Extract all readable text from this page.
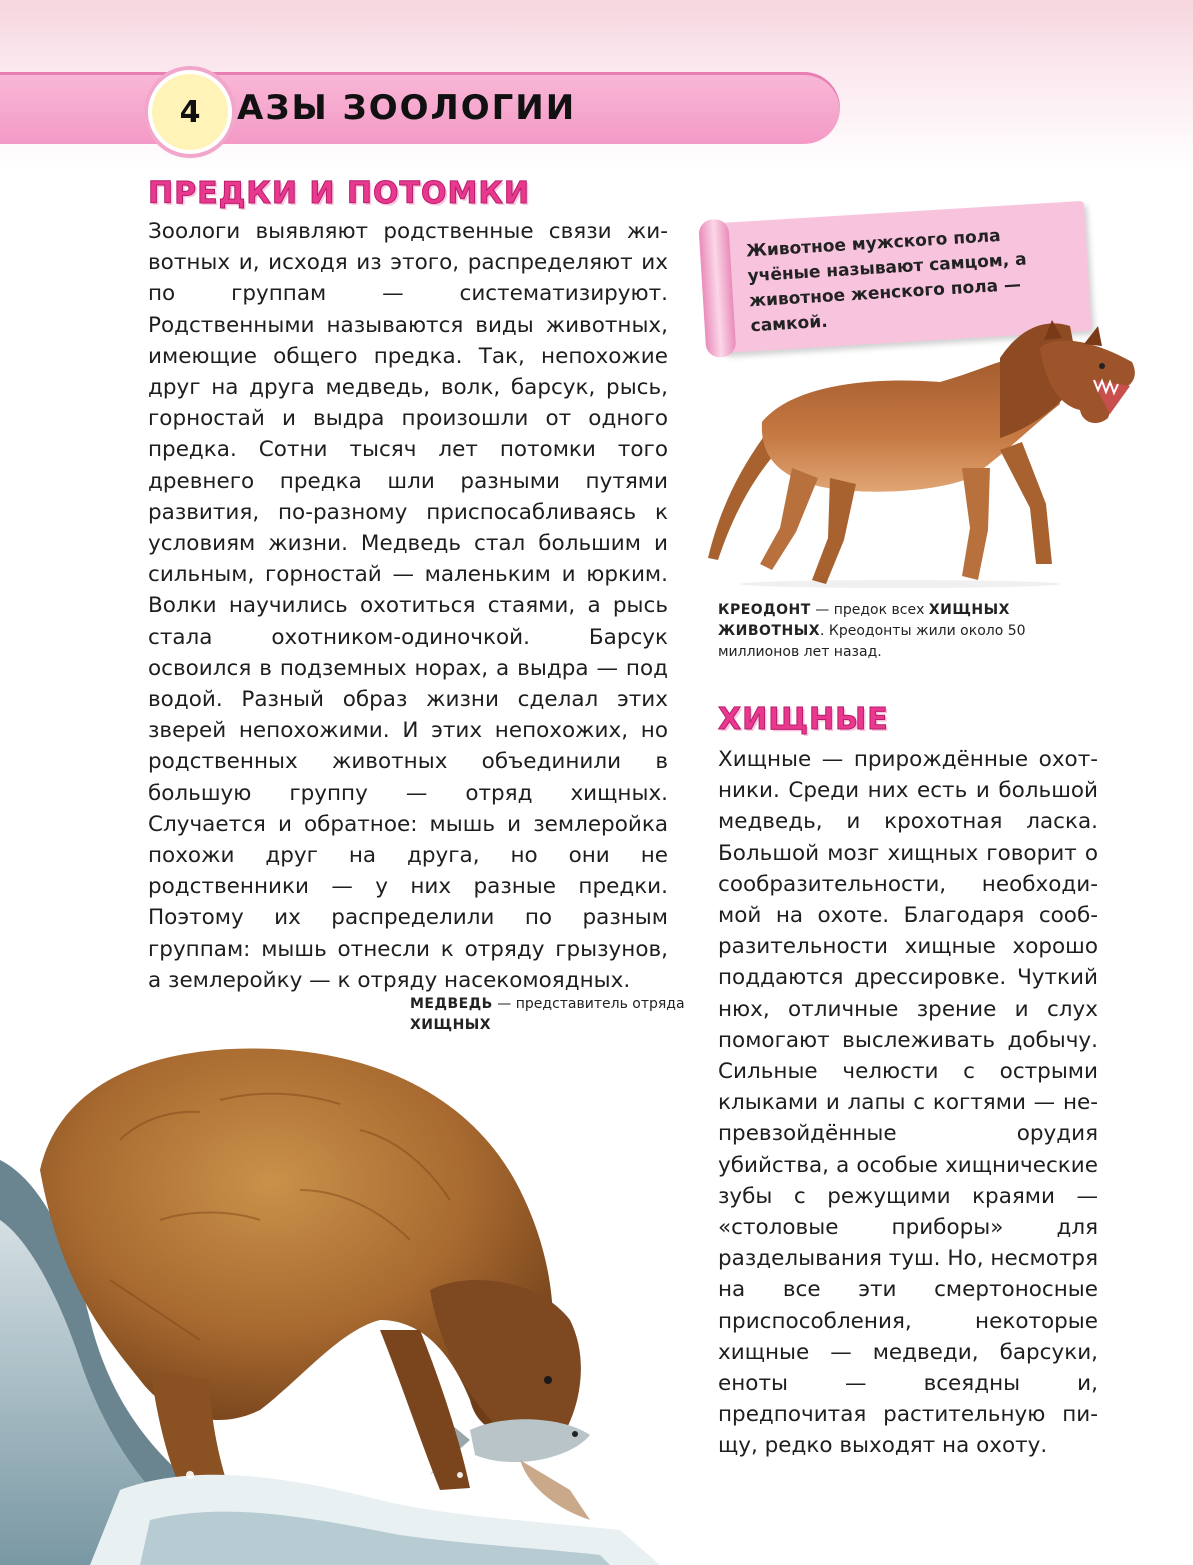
4 АЗЫ ЗООЛОГИИ
ПРЕДКИ И ПОТОМКИ

Зоологи выявляют родственные связи животных и, исходя из этого, распределяют их по группам — систематизируют. Родственными называются виды животных, имеющие общего предка. Так, непохожие друг на друга медведь, волк, барсук, рысь, горностай и выдра произошли от одного предка. Сотни тысяч лет потомки того древнего предка шли разными путями развития, по-разному приспосабливаясь к условиям жизни. Медведь стал большим и сильным, горностай — маленьким и юрким. Волки научились охотиться стаями, а рысь стала охотником-одиночкой. Барсук освоился в подземных норах, а выдра — под водой. Разный образ жизни сделал этих зверей непохожими. И этих непохожих, но родственных животных объединили в большую группу — отряд хищных. Случается и обратное: мышь и землеройка похожи друг на друга, но они не родственники — у них разные предки. Поэтому их распределили по разным группам: мышь отнесли к отряду грызунов, а землеройку — к отряду насекомоядных.

Животное мужского пола учёные называют самцом, а животное женского пола — самкой.

КРЕОДОНТ — предок всех ХИЩНЫХ ЖИВОТНЫХ. Креодонты жили около 50 миллионов лет назад.

ХИЩНЫЕ

Хищные — прирождённые охотники. Среди них есть и большой медведь, и крохотная ласка. Большой мозг хищных говорит о сообразительности, необходимой на охоте. Благодаря сообразительности хищные хорошо поддаются дрессировке. Чуткий нюх, отличные зрение и слух помогают выслеживать добычу. Сильные челюсти с острыми клыками и лапы с когтями — непревзойдённые орудия убийства, а особые хищнические зубы с режущими краями — «столовые приборы» для разделывания туш. Но, несмотря на все эти смертоносные приспособления, некоторые хищные — медведи, барсуки, еноты — всеядны и, предпочитая растительную пищу, редко выходят на охоту.

МЕДВЕДЬ — представитель отряда ХИЩНЫХ
